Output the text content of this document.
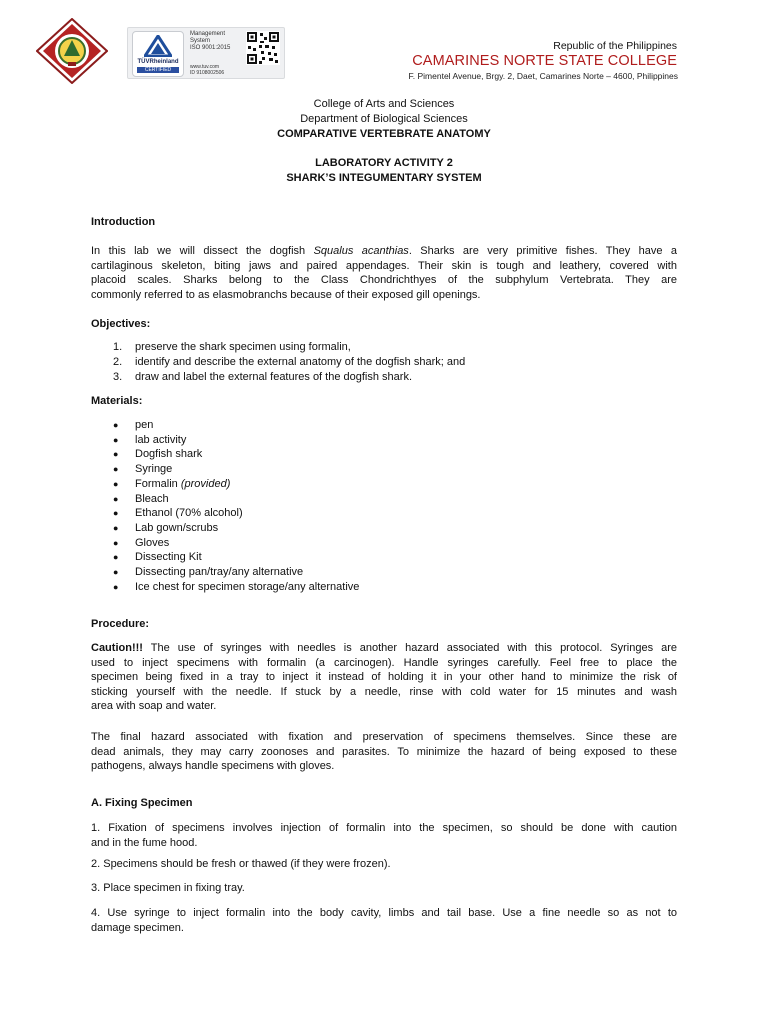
TÜVRheinland
CERTIFIED
Management
System
ISO 9001:2015
www.tuv.com
ID 9108002506
Republic of the Philippines
CAMARINES NORTE STATE COLLEGE
F. Pimentel Avenue, Brgy. 2, Daet, Camarines Norte – 4600, Philippines
College of Arts and Sciences
Department of Biological Sciences
COMPARATIVE VERTEBRATE ANATOMY
LABORATORY ACTIVITY 2
SHARK’S INTEGUMENTARY SYSTEM
Introduction
In this lab we will dissect the dogfish Squalus acanthias. Sharks are very primitive fishes. They have a
cartilaginous skeleton, biting jaws and paired appendages. Their skin is tough and leathery, covered with
placoid scales. Sharks belong to the Class Chondrichthyes of the subphylum Vertebrata. They are
commonly referred to as elasmobranchs because of their exposed gill openings.
Objectives:
1. preserve the shark specimen using formalin,
2. identify and describe the external anatomy of the dogfish shark; and
3. draw and label the external features of the dogfish shark.
Materials:
● pen
● lab activity
● Dogfish shark
● Syringe
● Formalin (provided)
● Bleach
● Ethanol (70% alcohol)
● Lab gown/scrubs
● Gloves
● Dissecting Kit
● Dissecting pan/tray/any alternative
● Ice chest for specimen storage/any alternative
Procedure:
Caution!!! The use of syringes with needles is another hazard associated with this protocol. Syringes are
used to inject specimens with formalin (a carcinogen). Handle syringes carefully. Feel free to place the
specimen being fixed in a tray to inject it instead of holding it in your other hand to minimize the risk of
sticking yourself with the needle. If stuck by a needle, rinse with cold water for 15 minutes and wash
area with soap and water.
The final hazard associated with fixation and preservation of specimens themselves. Since these are
dead animals, they may carry zoonoses and parasites. To minimize the hazard of being exposed to these
pathogens, always handle specimens with gloves.
A. Fixing Specimen
1. Fixation of specimens involves injection of formalin into the specimen, so should be done with caution
and in the fume hood.
2. Specimens should be fresh or thawed (if they were frozen).
3. Place specimen in fixing tray.
4. Use syringe to inject formalin into the body cavity, limbs and tail base. Use a fine needle so as not to
damage specimen.
